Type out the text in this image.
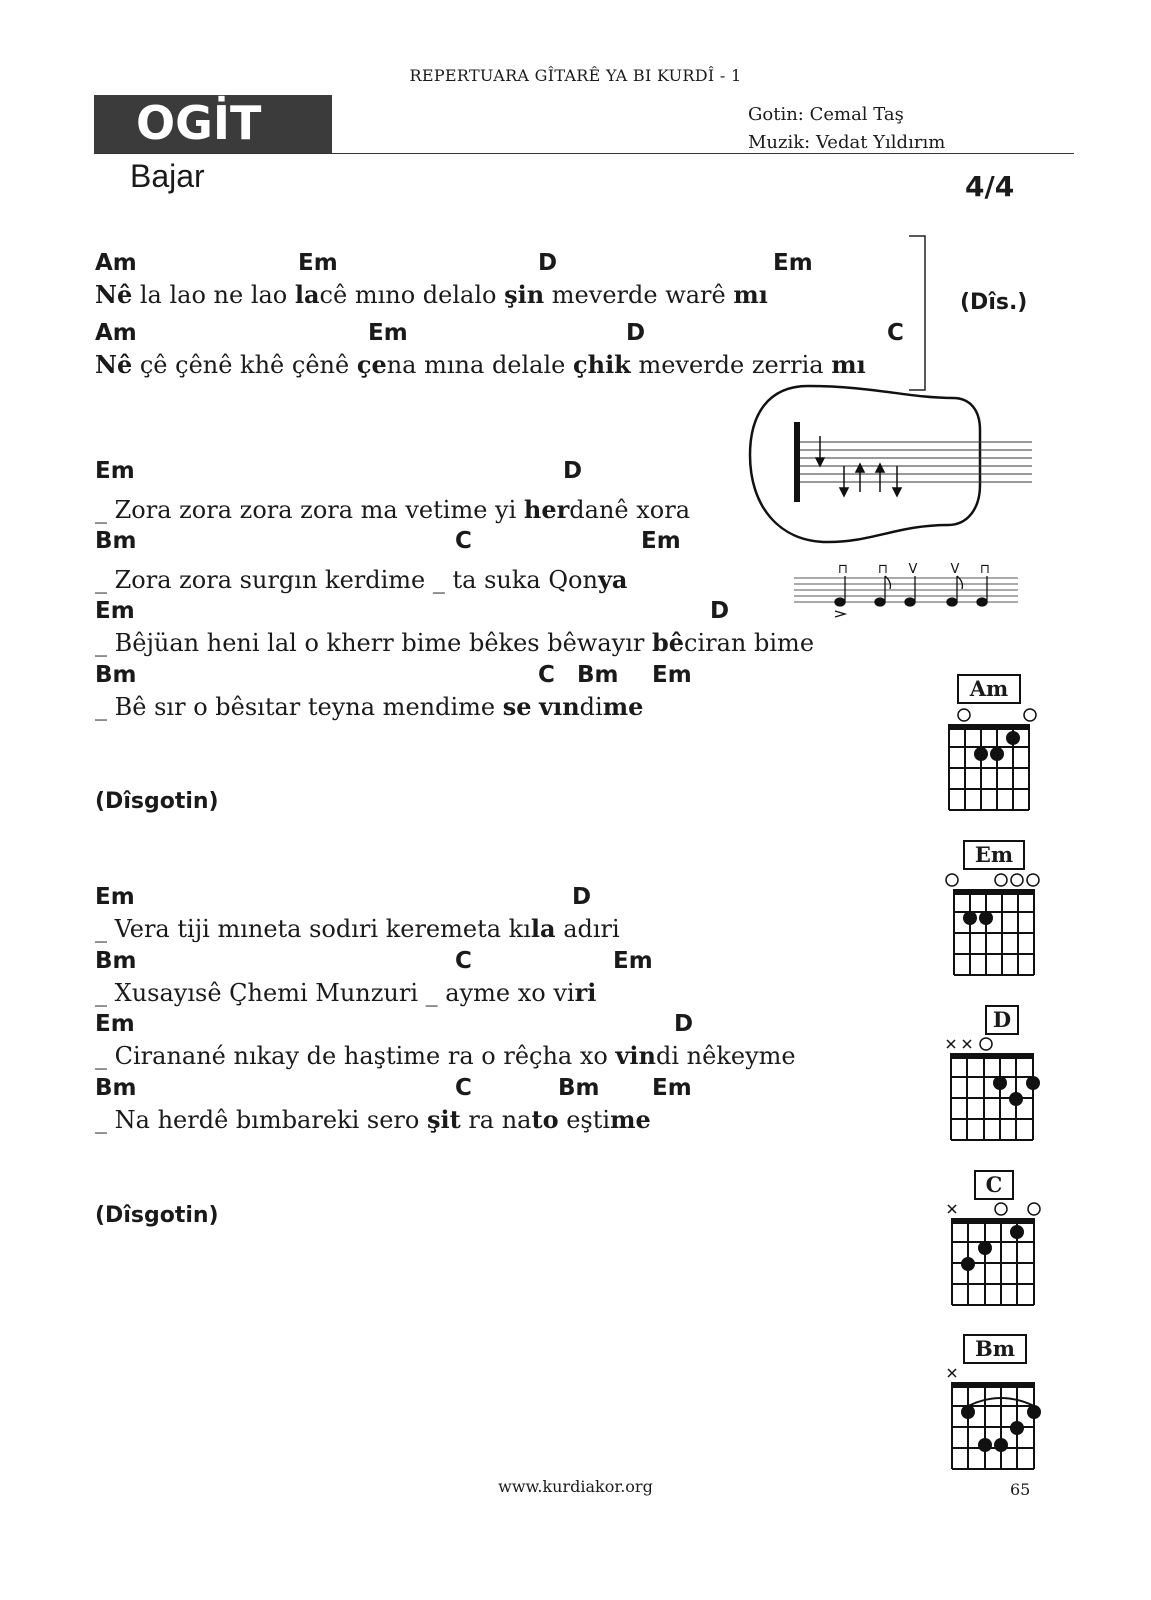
REPERTUARA GÎTARÊ YA BI KURDÎ - 1
OGİT	Gotin: Cemal Taş
Muzik: Vedat Yıldırım
Bajar	4/4
(Dîs.)
Am	Em	D	Em
Nê la lao ne lao lacê mıno delalo şin meverde warê mı
Am	Em	D	C
Nê çê çênê khê çênê çena mına delale çhik meverde zerria mı
Em	D
_ Zora zora zora zora ma vetime yi herdanê xora
Bm	C	Em
_ Zora zora surgın kerdime _ ta suka Qonya	⊓ ⊓ V	V ⊓
Em	D
_ Bêjüan heni lal o kherr bime bêkes bêwayır bêciran bime
Bm	C Bm Em
_ Bê sır o bêsıtar teyna mendime se vındime
(Dîsgotin)
Em	D
_ Vera tiji mıneta sodıri keremeta kıla adıri
Bm	C	Em
_ Xusayısê Çhemi Munzuri _ ayme xo viri
Em	D
_ Ciranané nıkay de haştime ra o rêçha xo vindi nêkeyme
Bm	C	Bm Em
_ Na herdê bımbareki sero şit ra nato eştime
(Dîsgotin)
Am
Em
D
C
Bm
www.kurdiakor.org	65
